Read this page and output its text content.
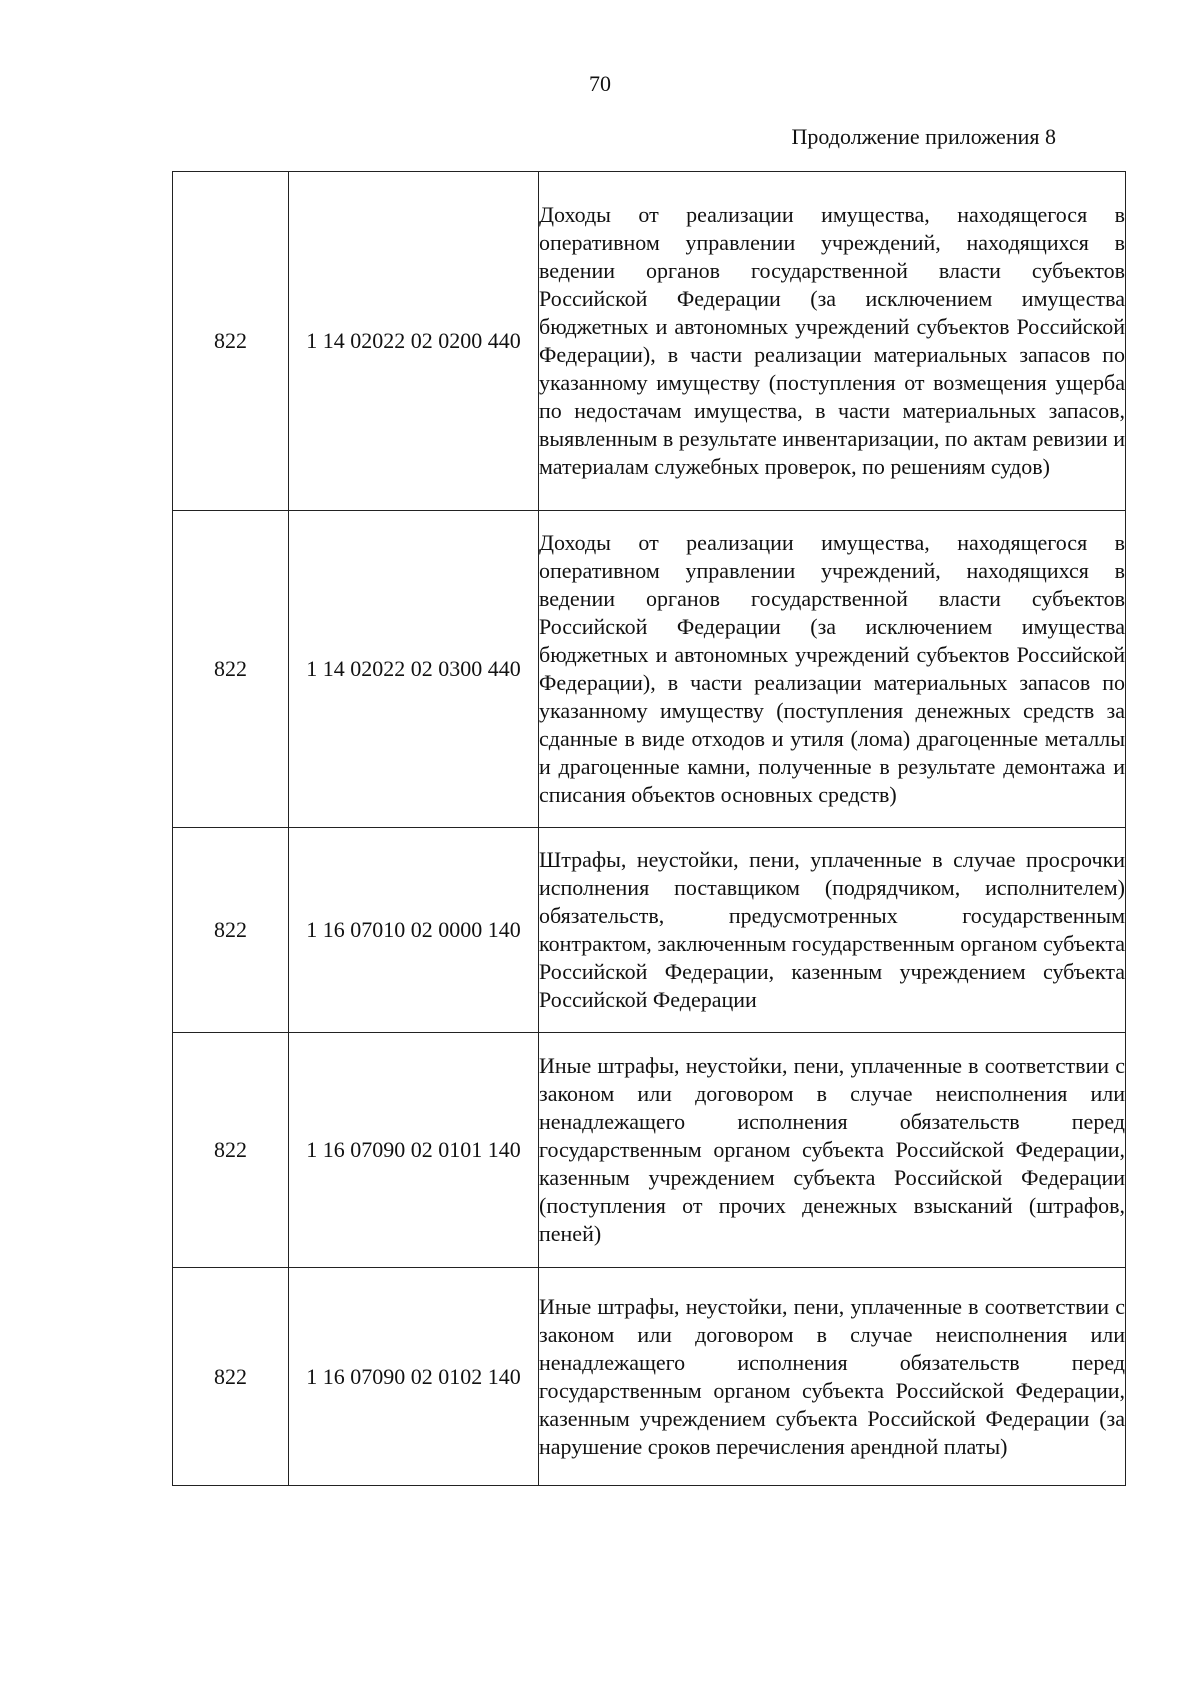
70
Продолжение приложения 8
822	1 14 02022 02 0200 440	Доходы от реализации имущества, находящегося в оперативном управлении учреждений, находящихся в ведении органов государственной власти субъектов Российской Федерации (за исключением имущества бюджетных и автономных учреждений субъектов Российской Федерации), в части реализации материальных запасов по указанному имуществу (поступления от возмещения ущерба по недостачам имущества, в части материальных запасов, выявленным в результате инвентаризации, по актам ревизии и материалам служебных проверок, по решениям судов)
822	1 14 02022 02 0300 440	Доходы от реализации имущества, находящегося в оперативном управлении учреждений, находящихся в ведении органов государственной власти субъектов Российской Федерации (за исключением имущества бюджетных и автономных учреждений субъектов Российской Федерации), в части реализации материальных запасов по указанному имуществу (поступления денежных средств за сданные в виде отходов и утиля (лома) драгоценные металлы и драгоценные камни, полученные в результате демонтажа и списания объектов основных средств)
822	1 16 07010 02 0000 140	Штрафы, неустойки, пени, уплаченные в случае просрочки исполнения поставщиком (подрядчиком, исполнителем) обязательств, предусмотренных государственным контрактом, заключенным государственным органом субъекта Российской Федерации, казенным учреждением субъекта Российской Федерации
822	1 16 07090 02 0101 140	Иные штрафы, неустойки, пени, уплаченные в соответствии с законом или договором в случае неисполнения или ненадлежащего исполнения обязательств перед государственным органом субъекта Российской Федерации, казенным учреждением субъекта Российской Федерации (поступления от прочих денежных взысканий (штрафов, пеней)
822	1 16 07090 02 0102 140	Иные штрафы, неустойки, пени, уплаченные в соответствии с законом или договором в случае неисполнения или ненадлежащего исполнения обязательств перед государственным органом субъекта Российской Федерации, казенным учреждением субъекта Российской Федерации (за нарушение сроков перечисления арендной платы)
